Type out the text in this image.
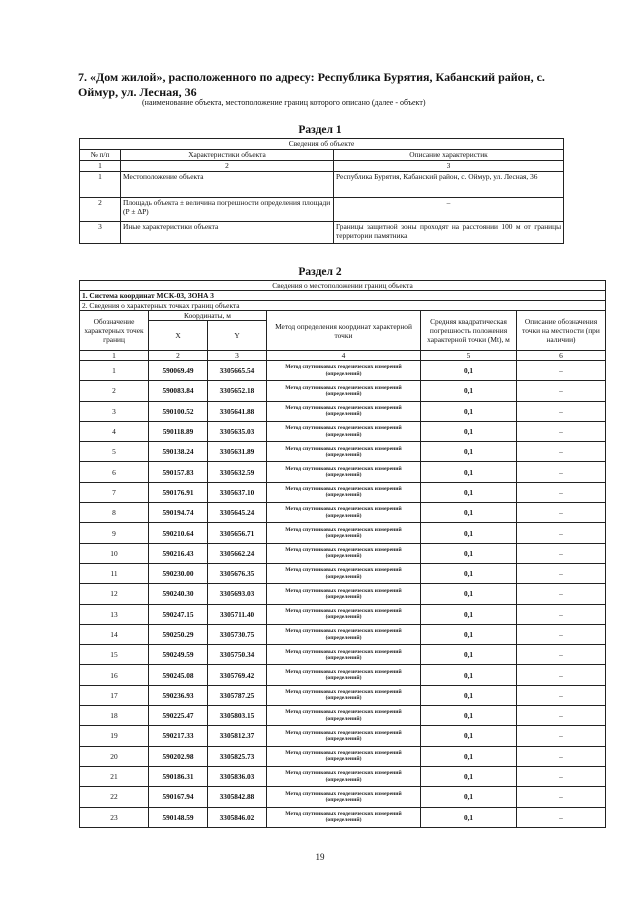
7. «Дом жилой», расположенного по адресу: Республика Бурятия, Кабанский район, с. Оймур, ул. Лесная, 36
(наименование объекта, местоположение границ которого описано (далее - объект)
Раздел 1
Сведения об объекте		
№ п/п	Характеристики объекта	Описание характеристик
1	2	3
1	Местоположение объекта	Республика Бурятия, Кабанский район, с. Оймур, ул. Лесная, 36
2	Площадь объекта ± величина погрешности определения площади (Р ± ΔР)	–
3	Иные характеристики объекта	Границы защитной зоны проходят на расстоянии 100 м от границы территории памятника
Раздел 2
Сведения о местоположении границ объекта					
1. Система координат МСК-03, ЗОНА 3					
2. Сведения о характерных точках границ объекта					
Обозначение характерных точек границ	Координаты, м		Метод определения координат характерной точки	Средняя квадратическая погрешность положения характерной точки (Mt), м	Описание обозначения точки на местности (при наличии)
	X	Y			
1	2	3	4	5	6
1	590069.49	3305665.54	Метод спутниковых геодезических измерений (определений)	0,1	–
2	590083.84	3305652.18	Метод спутниковых геодезических измерений (определений)	0,1	–
3	590100.52	3305641.88	Метод спутниковых геодезических измерений (определений)	0,1	–
4	590118.89	3305635.03	Метод спутниковых геодезических измерений (определений)	0,1	–
5	590138.24	3305631.89	Метод спутниковых геодезических измерений (определений)	0,1	–
6	590157.83	3305632.59	Метод спутниковых геодезических измерений (определений)	0,1	–
7	590176.91	3305637.10	Метод спутниковых геодезических измерений (определений)	0,1	–
8	590194.74	3305645.24	Метод спутниковых геодезических измерений (определений)	0,1	–
9	590210.64	3305656.71	Метод спутниковых геодезических измерений (определений)	0,1	–
10	590216.43	3305662.24	Метод спутниковых геодезических измерений (определений)	0,1	–
11	590230.00	3305676.35	Метод спутниковых геодезических измерений (определений)	0,1	–
12	590240.30	3305693.03	Метод спутниковых геодезических измерений (определений)	0,1	–
13	590247.15	3305711.40	Метод спутниковых геодезических измерений (определений)	0,1	–
14	590250.29	3305730.75	Метод спутниковых геодезических измерений (определений)	0,1	–
15	590249.59	3305750.34	Метод спутниковых геодезических измерений (определений)	0,1	–
16	590245.08	3305769.42	Метод спутниковых геодезических измерений (определений)	0,1	–
17	590236.93	3305787.25	Метод спутниковых геодезических измерений (определений)	0,1	–
18	590225.47	3305803.15	Метод спутниковых геодезических измерений (определений)	0,1	–
19	590217.33	3305812.37	Метод спутниковых геодезических измерений (определений)	0,1	–
20	590202.98	3305825.73	Метод спутниковых геодезических измерений (определений)	0,1	–
21	590186.31	3305836.03	Метод спутниковых геодезических измерений (определений)	0,1	–
22	590167.94	3305842.88	Метод спутниковых геодезических измерений (определений)	0,1	–
23	590148.59	3305846.02	Метод спутниковых геодезических измерений (определений)	0,1	–
19
